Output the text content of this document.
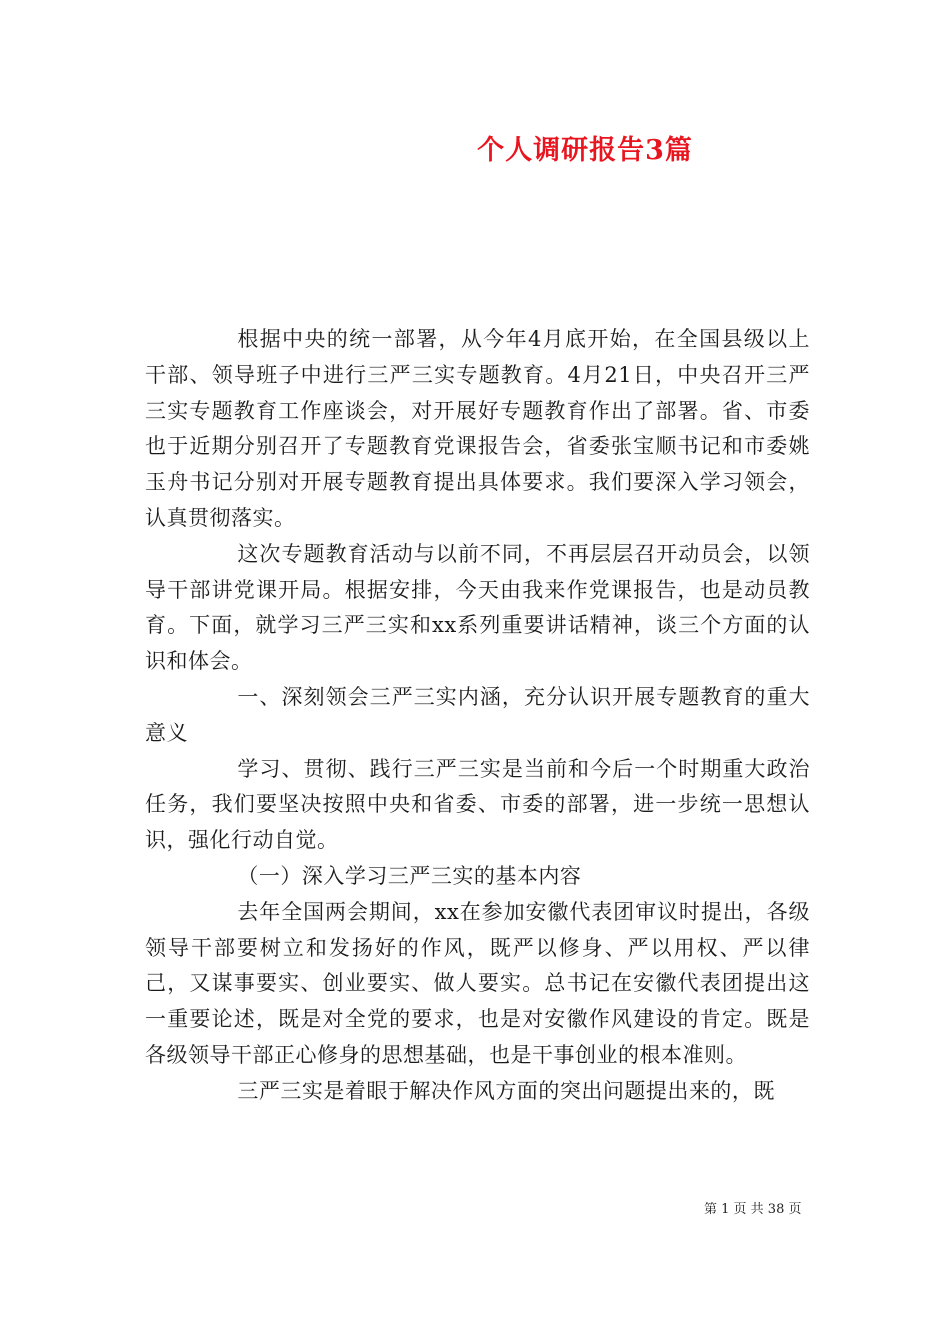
个人调研报告3篇

根据中央的统一部署，从今年4月底开始，在全国县级以上干部、领导班子中进行三严三实专题教育。4月21日，中央召开三严三实专题教育工作座谈会，对开展好专题教育作出了部署。省、市委也于近期分别召开了专题教育党课报告会，省委张宝顺书记和市委姚玉舟书记分别对开展专题教育提出具体要求。我们要深入学习领会，认真贯彻落实。

这次专题教育活动与以前不同，不再层层召开动员会，以领导干部讲党课开局。根据安排，今天由我来作党课报告，也是动员教育。下面，就学习三严三实和xx系列重要讲话精神，谈三个方面的认识和体会。

一、深刻领会三严三实内涵，充分认识开展专题教育的重大意义

学习、贯彻、践行三严三实是当前和今后一个时期重大政治任务，我们要坚决按照中央和省委、市委的部署，进一步统一思想认识，强化行动自觉。

（一）深入学习三严三实的基本内容

去年全国两会期间，xx在参加安徽代表团审议时提出，各级领导干部要树立和发扬好的作风，既严以修身、严以用权、严以律己，又谋事要实、创业要实、做人要实。总书记在安徽代表团提出这一重要论述，既是对全党的要求，也是对安徽作风建设的肯定。既是各级领导干部正心修身的思想基础，也是干事创业的根本准则。

三严三实是着眼于解决作风方面的突出问题提出来的，既

第 1 页 共 38 页
